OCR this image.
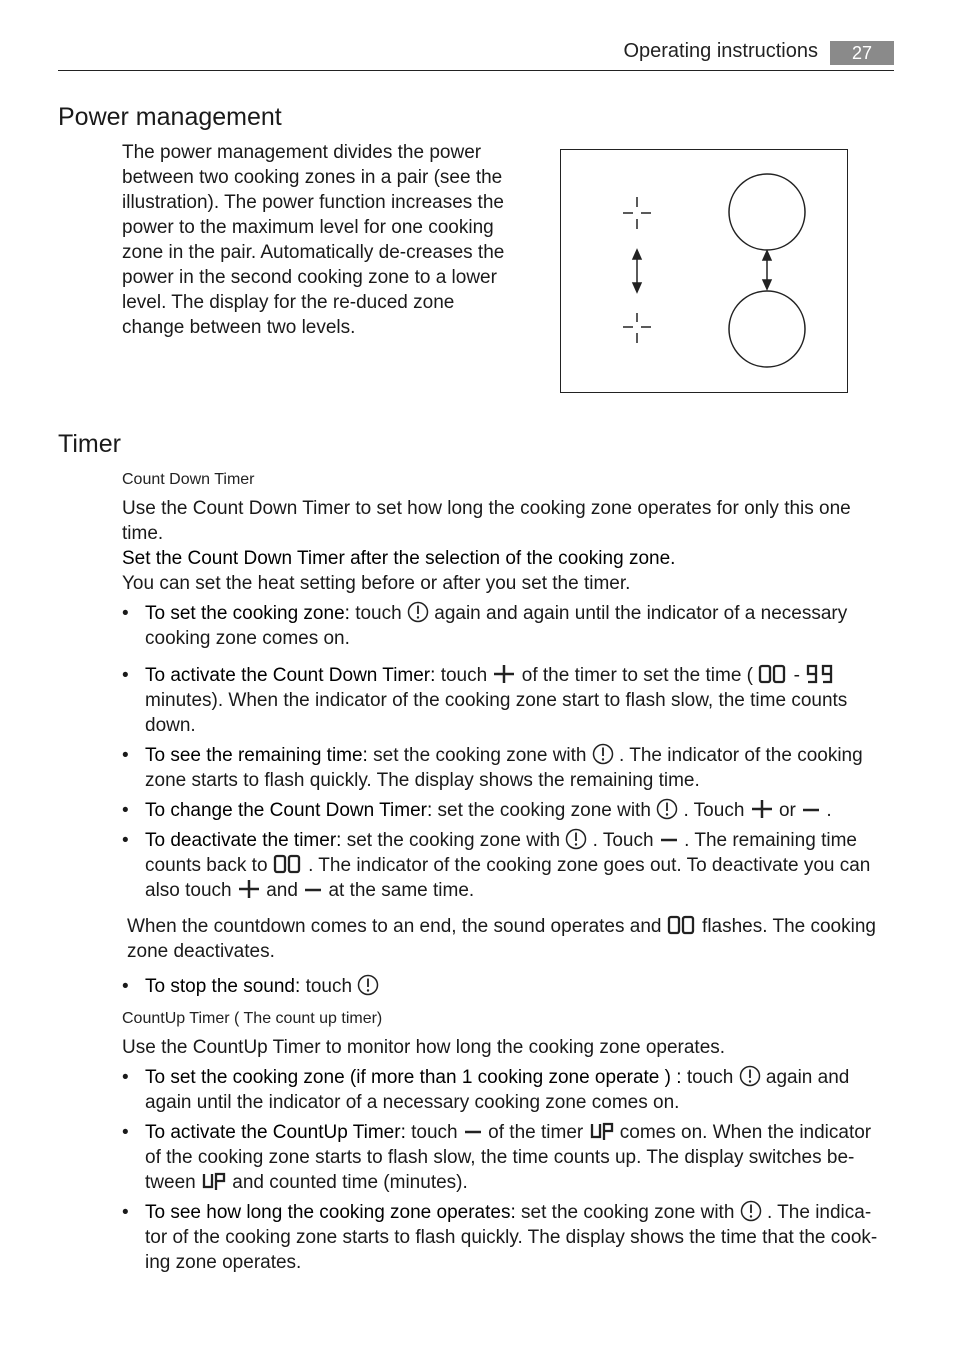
Operating instructions	27
Power management
The power management divides the power between two cooking zones in a pair (see the illustration). The power function increases the power to the maximum level for one cooking zone in the pair. Automatically de-creases the power in the second cooking zone to a lower level. The display for the re-duced zone change between two levels.
Timer
Count Down Timer
Use the Count Down Timer to set how long the cooking zone operates for only this one time.
Set the Count Down Timer after the selection of the cooking zone.
You can set the heat setting before or after you set the timer.
• To set the cooking zone: touch again and again until the indicator of a necessary cooking zone comes on.
• To activate the Count Down Timer: touch of the timer to set the time ( -  minutes). When the indicator of the cooking zone start to flash slow, the time counts down.
• To see the remaining time: set the cooking zone with . The indicator of the cooking zone starts to flash quickly. The display shows the remaining time.
• To change the Count Down Timer: set the cooking zone with . Touch or .
• To deactivate the timer: set the cooking zone with . Touch . The remaining time counts back to . The indicator of the cooking zone goes out. To deactivate you can also touch and at the same time.
When the countdown comes to an end, the sound operates and flashes. The cooking zone deactivates.
• To stop the sound: touch
CountUp Timer ( The count up timer)
Use the CountUp Timer to monitor how long the cooking zone operates.
• To set the cooking zone (if more than 1 cooking zone operate ) : touch again and again until the indicator of a necessary cooking zone comes on.
• To activate the CountUp Timer: touch of the timer comes on. When the indicator of the cooking zone starts to flash slow, the time counts up. The display switches be-tween and counted time (minutes).
• To see how long the cooking zone operates: set the cooking zone with . The indica-tor of the cooking zone starts to flash quickly. The display shows the time that the cook-ing zone operates.
